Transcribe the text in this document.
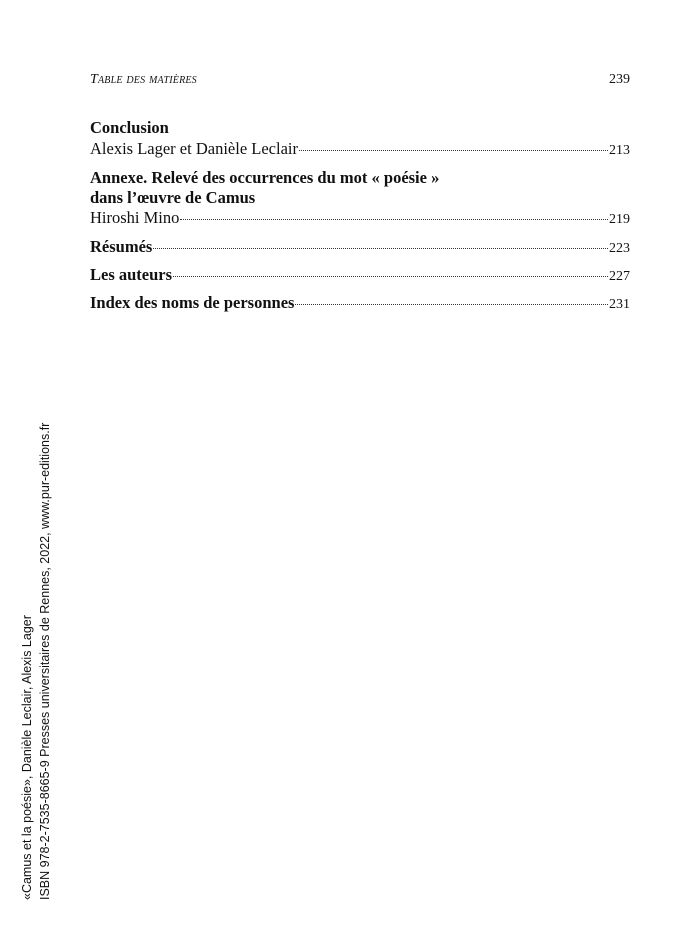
Table des matières	239
Conclusion
Alexis Lager et Danièle Leclair	213
Annexe. Relevé des occurrences du mot « poésie »
dans l’œuvre de Camus
Hiroshi Mino	219
Résumés	223
Les auteurs	227
Index des noms de personnes	231
«Camus et la poésie», Danièle Leclair, Alexis Lager ISBN 978-2-7535-8665-9 Presses universitaires de Rennes, 2022, www.pur-editions.fr
